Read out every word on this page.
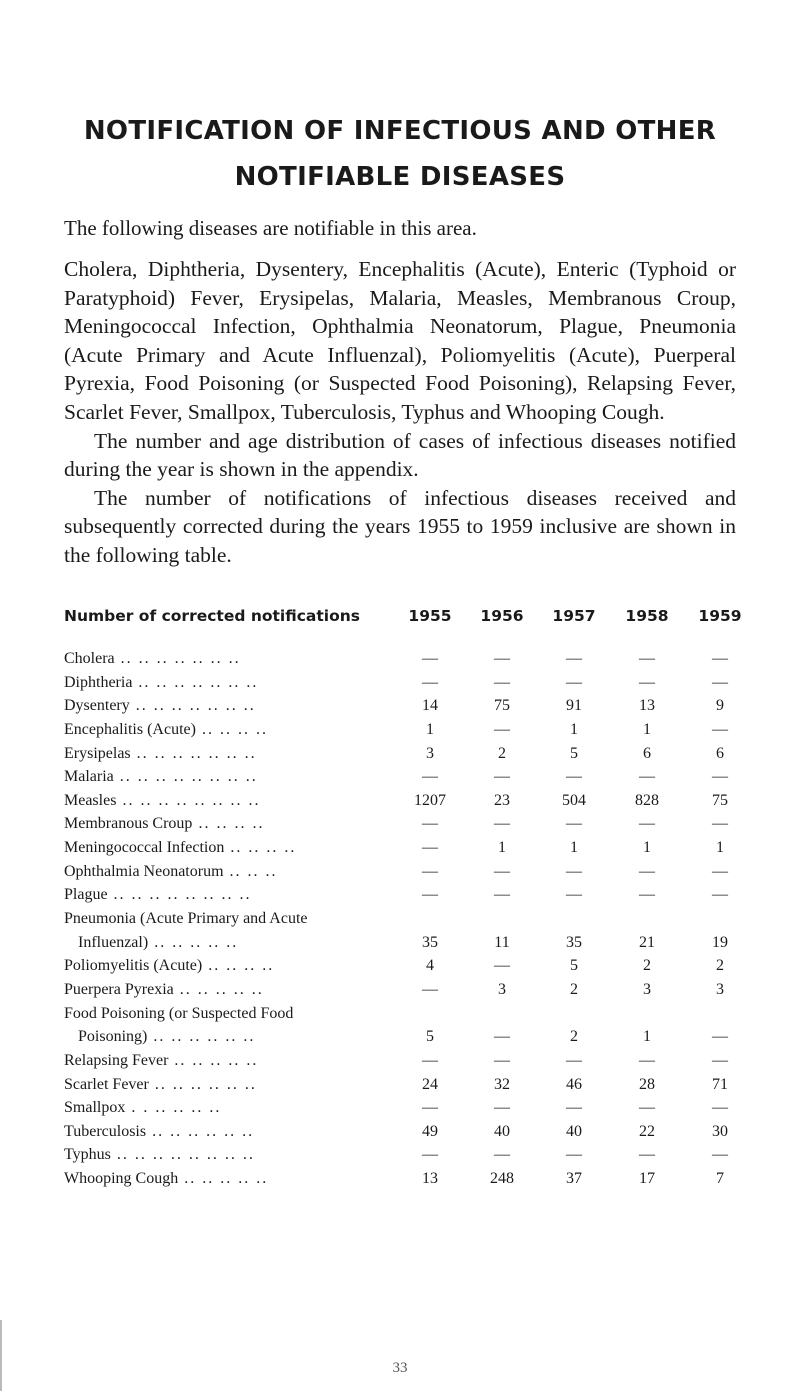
NOTIFICATION OF INFECTIOUS AND OTHER
NOTIFIABLE DISEASES

The following diseases are notifiable in this area.

Cholera, Diphtheria, Dysentery, Encephalitis (Acute), Enteric (Typhoid or Paratyphoid) Fever, Erysipelas, Malaria, Measles, Membranous Croup, Meningococcal Infection, Ophthalmia Neonatorum, Plague, Pneumonia (Acute Primary and Acute Influenzal), Poliomyelitis (Acute), Puerperal Pyrexia, Food Poisoning (or Suspected Food Poisoning), Relapsing Fever, Scarlet Fever, Smallpox, Tuberculosis, Typhus and Whooping Cough.

The number and age distribution of cases of infectious diseases notified during the year is shown in the appendix.

The number of notifications of infectious diseases received and subsequently corrected during the years 1955 to 1959 inclusive are shown in the following table.

Number of corrected notifications	1955	1956	1957	1958	1959
Cholera .. .. .. .. .. .. ..	—	—	—	—	—
Diphtheria .. .. .. .. .. .. ..	—	—	—	—	—
Dysentery .. .. .. .. .. .. ..	14	75	91	13	9
Encephalitis (Acute) .. .. .. ..	1	—	1	1	—
Erysipelas .. .. .. .. .. .. ..	3	2	5	6	6
Malaria .. .. .. .. .. .. .. ..	—	—	—	—	—
Measles .. .. .. .. .. .. .. ..	1207	23	504	828	75
Membranous Croup .. .. .. ..	—	—	—	—	—
Meningococcal Infection .. .. .. ..	—	1	1	1	1
Ophthalmia Neonatorum .. .. ..	—	—	—	—	—
Plague .. .. .. .. .. .. .. ..	—	—	—	—	—
Pneumonia (Acute Primary and Acute
Influenzal) .. .. .. .. ..	35	11	35	21	19
Poliomyelitis (Acute) .. .. .. ..	4	—	5	2	2
Puerpera Pyrexia .. .. .. .. ..	—	3	2	3	3
Food Poisoning (or Suspected Food
Poisoning) .. .. .. .. .. ..	5	—	2	1	—
Relapsing Fever .. .. .. .. ..	—	—	—	—	—
Scarlet Fever .. .. .. .. .. ..	24	32	46	28	71
Smallpox . . .. .. .. ..	—	—	—	—	—
Tuberculosis .. .. .. .. .. ..	49	40	40	22	30
Typhus .. .. .. .. .. .. .. ..	—	—	—	—	—
Whooping Cough .. .. .. .. ..	13	248	37	17	7
33
